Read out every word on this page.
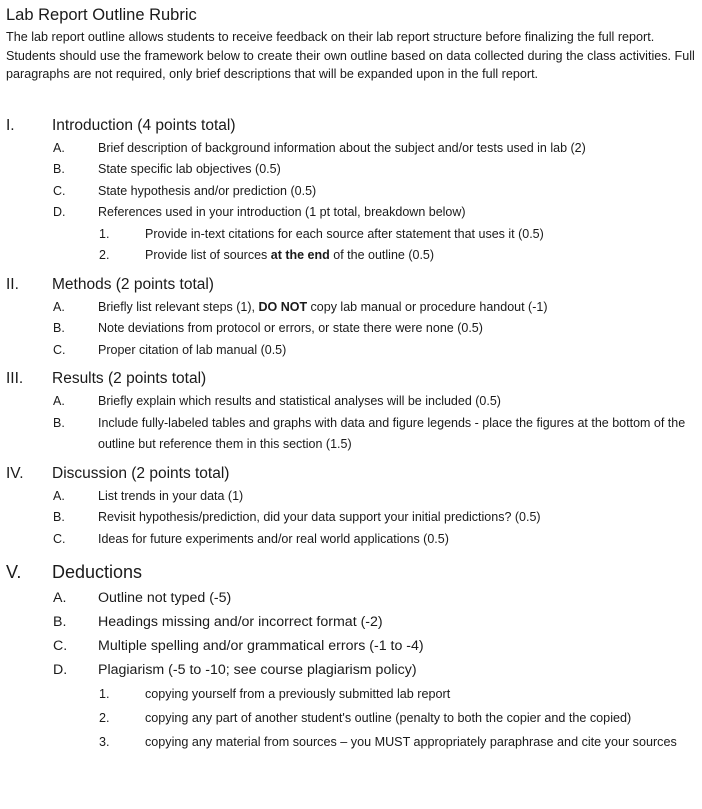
Lab Report Outline Rubric

The lab report outline allows students to receive feedback on their lab report structure before finalizing the full report. Students should use the framework below to create their own outline based on data collected during the class activities. Full paragraphs are not required, only brief descriptions that will be expanded upon in the full report.

I. Introduction (4 points total)
A.	Brief description of background information about the subject and/or tests used in lab (2)
B.	State specific lab objectives (0.5)
C.	State hypothesis and/or prediction (0.5)
D.	References used in your introduction (1 pt total, breakdown below)
1.	Provide in-text citations for each source after statement that uses it (0.5)
2.	Provide list of sources at the end of the outline (0.5)
II. Methods (2 points total)
A.	Briefly list relevant steps (1), DO NOT copy lab manual or procedure handout (-1)
B.	Note deviations from protocol or errors, or state there were none (0.5)
C.	Proper citation of lab manual (0.5)
III. Results (2 points total)
A.	Briefly explain which results and statistical analyses will be included (0.5)
B.	Include fully-labeled tables and graphs with data and figure legends - place the figures at the bottom of the outline but reference them in this section (1.5)
IV. Discussion (2 points total)
A.	List trends in your data (1)
B.	Revisit hypothesis/prediction, did your data support your initial predictions? (0.5)
C.	Ideas for future experiments and/or real world applications (0.5)
V. Deductions
A.	Outline not typed (-5)
B.	Headings missing and/or incorrect format (-2)
C.	Multiple spelling and/or grammatical errors (-1 to -4)
D.	Plagiarism (-5 to -10; see course plagiarism policy)
1.	copying yourself from a previously submitted lab report
2.	copying any part of another student's outline (penalty to both the copier and the copied)
3.	copying any material from sources – you MUST appropriately paraphrase and cite your sources
